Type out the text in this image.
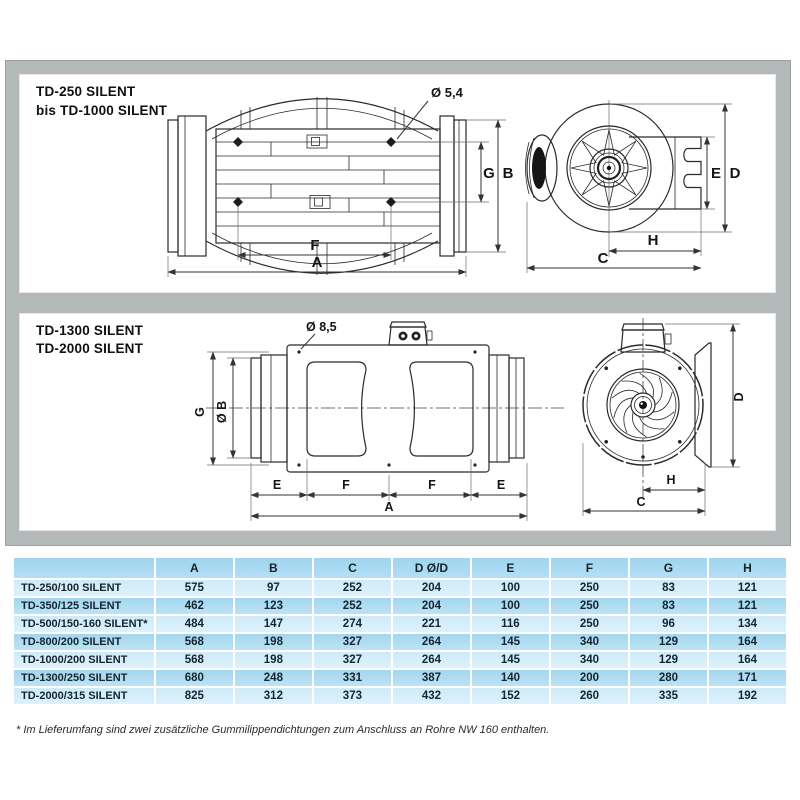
TD-250 SILENT
bis TD-1000 SILENT
Ø 5,4
G B
F
A
E D
H
C
TD-1300 SILENT
TD-2000 SILENT
Ø 8,5
G Ø B
E	F	F	E
A
D
H
C
	A	B	C	D Ø/D	E	F	G	H
TD-250/100 SILENT	575	97	252	204	100	250	83	121
TD-350/125 SILENT	462	123	252	204	100	250	83	121
TD-500/150-160 SILENT*	484	147	274	221	116	250	96	134
TD-800/200 SILENT	568	198	327	264	145	340	129	164
TD-1000/200 SILENT	568	198	327	264	145	340	129	164
TD-1300/250 SILENT	680	248	331	387	140	200	280	171
TD-2000/315 SILENT	825	312	373	432	152	260	335	192
* Im Lieferumfang sind zwei zusätzliche Gummilippendichtungen zum Anschluss an Rohre NW 160 enthalten.
